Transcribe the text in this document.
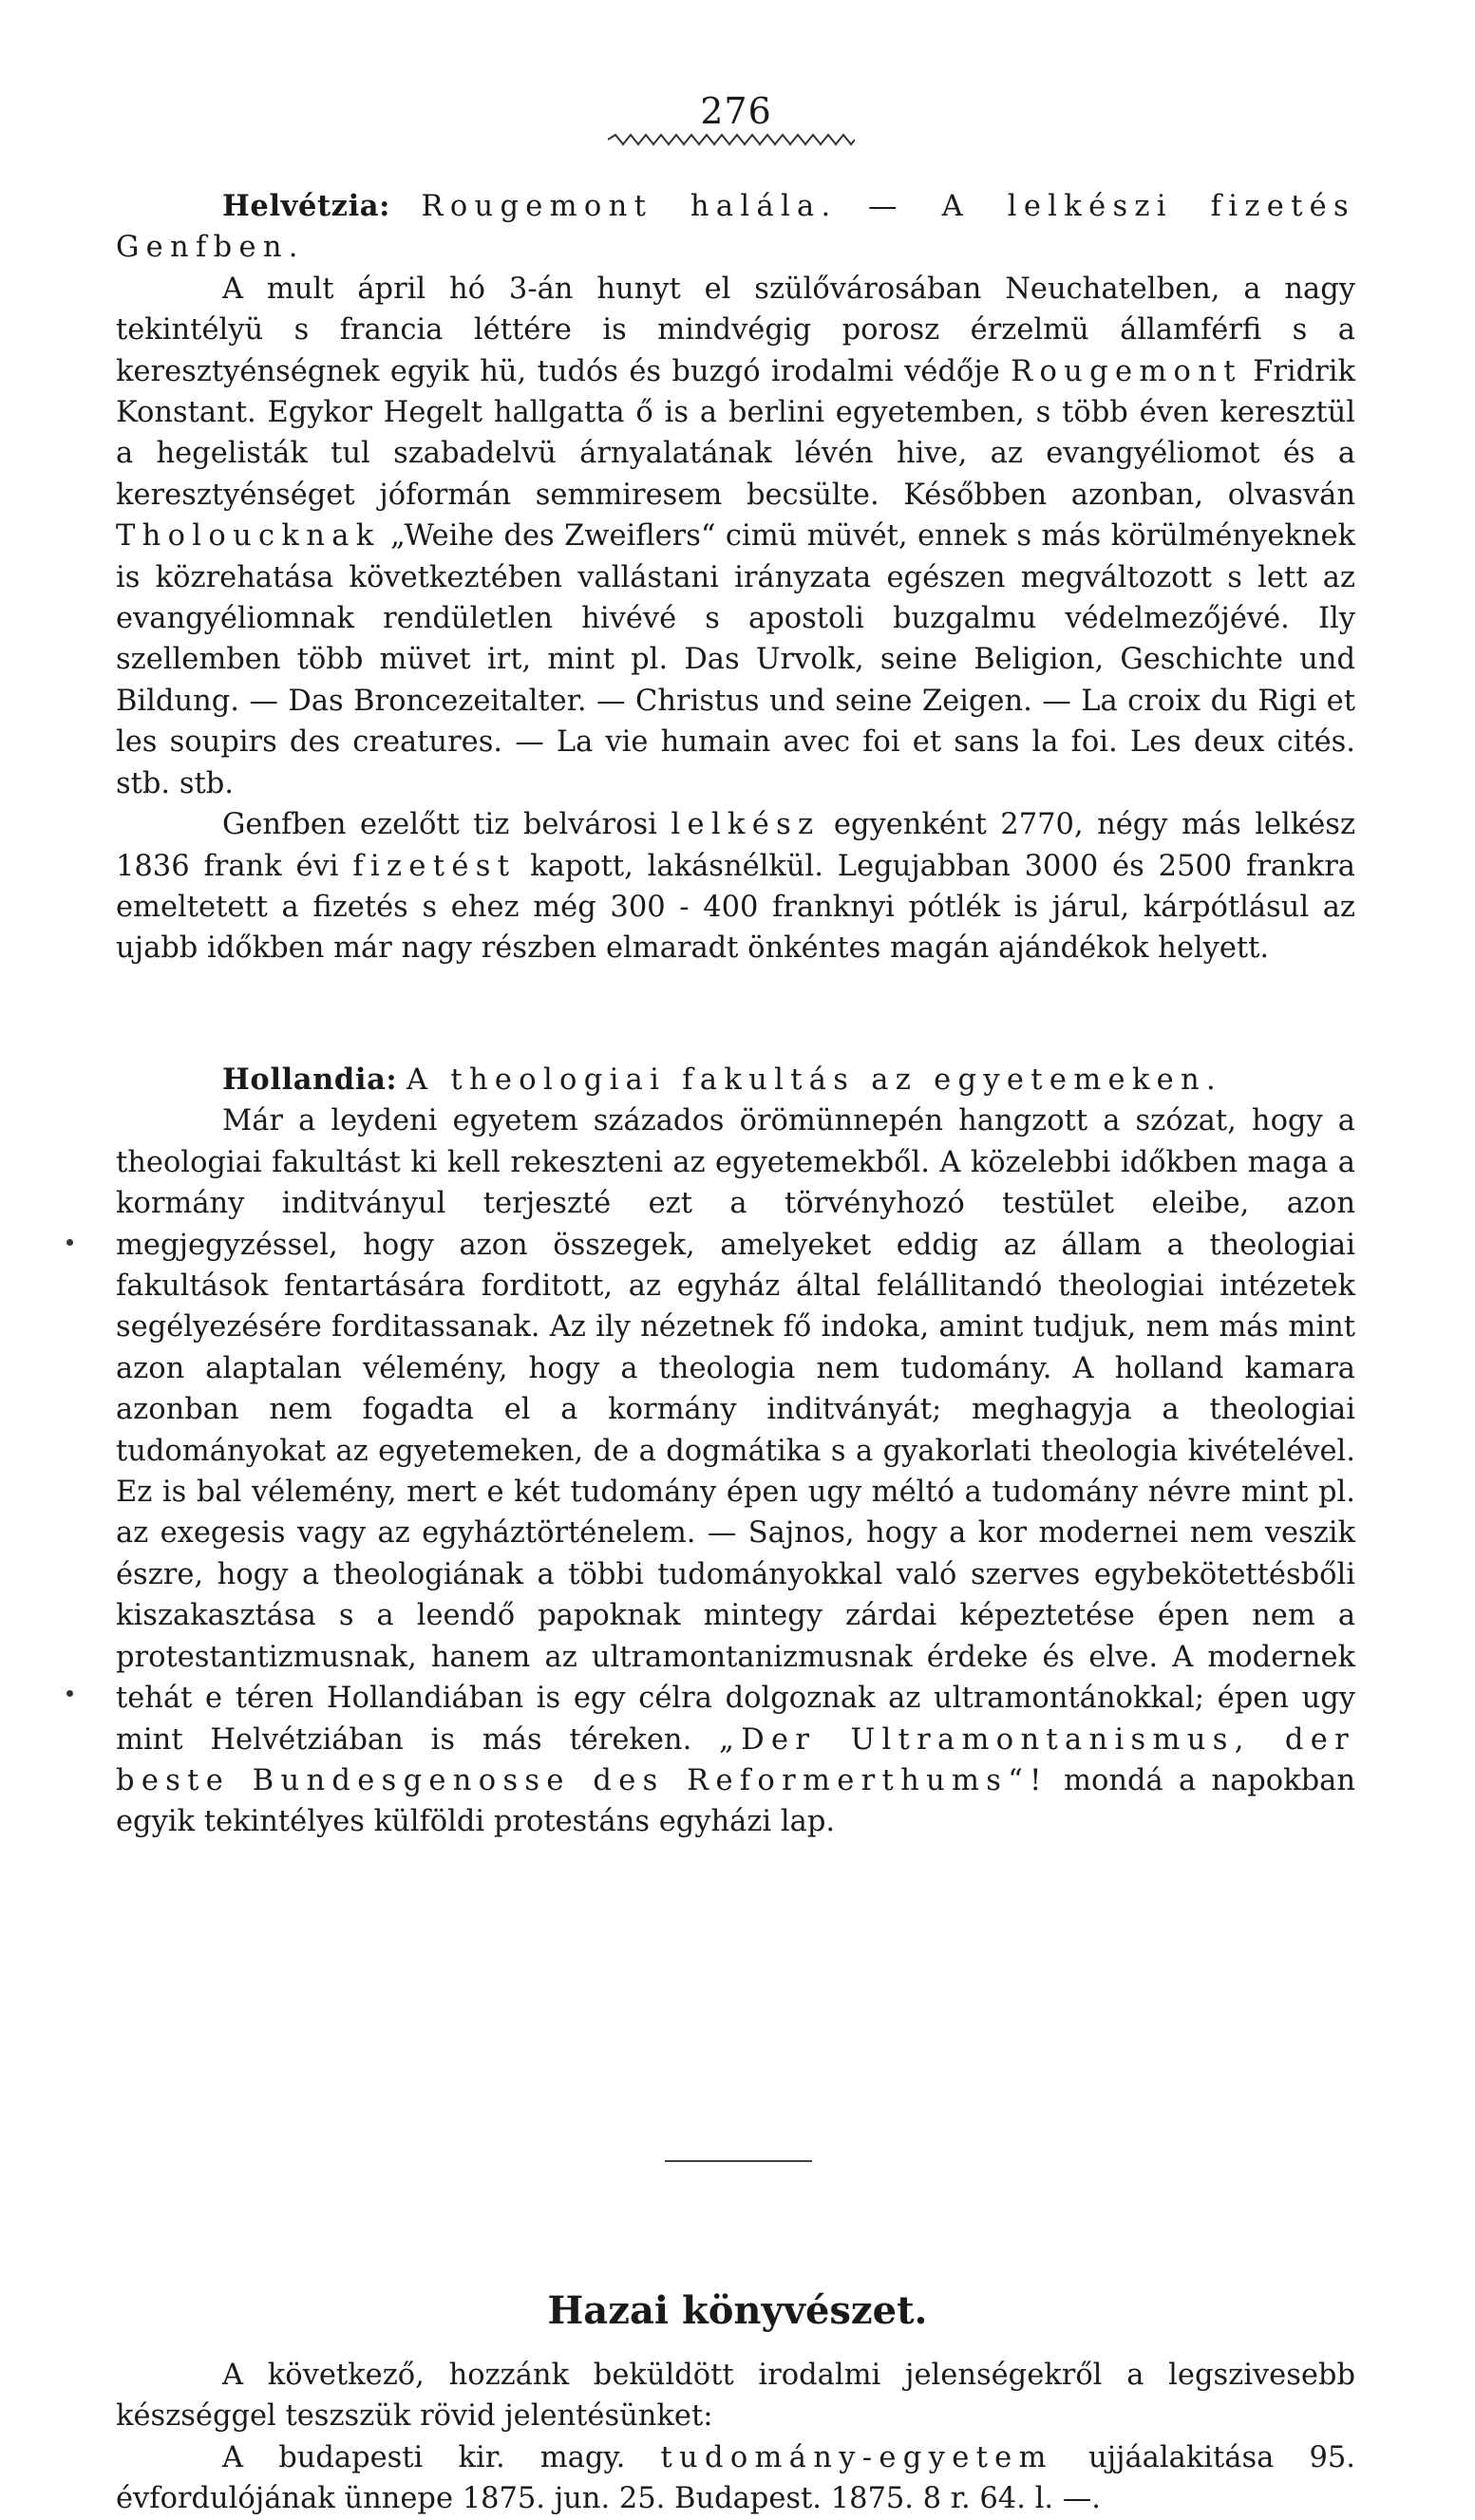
276

Helvétzia: Rougemont halála. — A lelkészi fizetés Genfben.

A mult ápril hó 3-án hunyt el szülővárosában Neuchatelben, a nagy tekintélyü s francia léttére is mindvégig porosz érzelmü államférfi s a keresztyénségnek egyik hü, tudós és buzgó irodalmi védője Rougemont Fridrik Konstant. Egykor Hegelt hallgatta ő is a berlini egyetemben, s több éven keresztül a hegelisták tul szabadelvü árnyalatának lévén hive, az evangyéliomot és a keresztyénséget jóformán semmiresem becsülte. Későbben azonban, olvasván Tholoucknak „Weihe des Zweiflers“ cimü müvét, ennek s más körülményeknek is közrehatása következtében vallástani irányzata egészen megváltozott s lett az evangyéliomnak rendületlen hivévé s apostoli buzgalmu védelmezőjévé. Ily szellemben több müvet irt, mint pl. Das Urvolk, seine Beligion, Geschichte und Bildung. — Das Broncezeitalter. — Christus und seine Zeigen. — La croix du Rigi et les soupirs des creatures. — La vie humain avec foi et sans la foi. Les deux cités. stb. stb.

Genfben ezelőtt tiz belvárosi lelkész egyenként 2770, négy más lelkész 1836 frank évi fizetést kapott, lakásnélkül. Legujabban 3000 és 2500 frankra emeltetett a fizetés s ehez még 300 - 400 franknyi pótlék is járul, kárpótlásul az ujabb időkben már nagy részben elmaradt önkéntes magán ajándékok helyett.

Hollandia: A theologiai fakultás az egyetemeken.

Már a leydeni egyetem százados örömünnepén hangzott a szózat, hogy a theologiai fakultást ki kell rekeszteni az egyetemekből. A közelebbi időkben maga a kormány inditványul terjeszté ezt a törvényhozó testület eleibe, azon megjegyzéssel, hogy azon összegek, amelyeket eddig az állam a theologiai fakultások fentartására forditott, az egyház által felállitandó theologiai intézetek segélyezésére forditassanak. Az ily nézetnek fő indoka, amint tudjuk, nem más mint azon alaptalan vélemény, hogy a theologia nem tudomány. A holland kamara azonban nem fogadta el a kormány inditványát; meghagyja a theologiai tudományokat az egyetemeken, de a dogmátika s a gyakorlati theologia kivételével. Ez is bal vélemény, mert e két tudomány épen ugy méltó a tudomány névre mint pl. az exegesis vagy az egyháztörténelem. — Sajnos, hogy a kor modernei nem veszik észre, hogy a theologiának a többi tudományokkal való szerves egybekötettésbőli kiszakasztása s a leendő papoknak mintegy zárdai képeztetése épen nem a protestantizmusnak, hanem az ultramontanizmusnak érdeke és elve. A modernek tehát e téren Hollandiában is egy célra dolgoznak az ultramontánokkal; épen ugy mint Helvétziában is más téreken. „Der Ultramontanismus, der beste Bundesgenosse des Reformerthums“! mondá a napokban egyik tekintélyes külföldi protestáns egyházi lap.

Hazai könyvészet.

A következő, hozzánk beküldött irodalmi jelenségekről a legszivesebb készséggel teszszük rövid jelentésünket:

A budapesti kir. magy. tudomány-egyetem ujjáalakitása 95. évfordulójának ünnepe 1875. jun. 25. Budapest. 1875. 8 r. 64. l. —.
